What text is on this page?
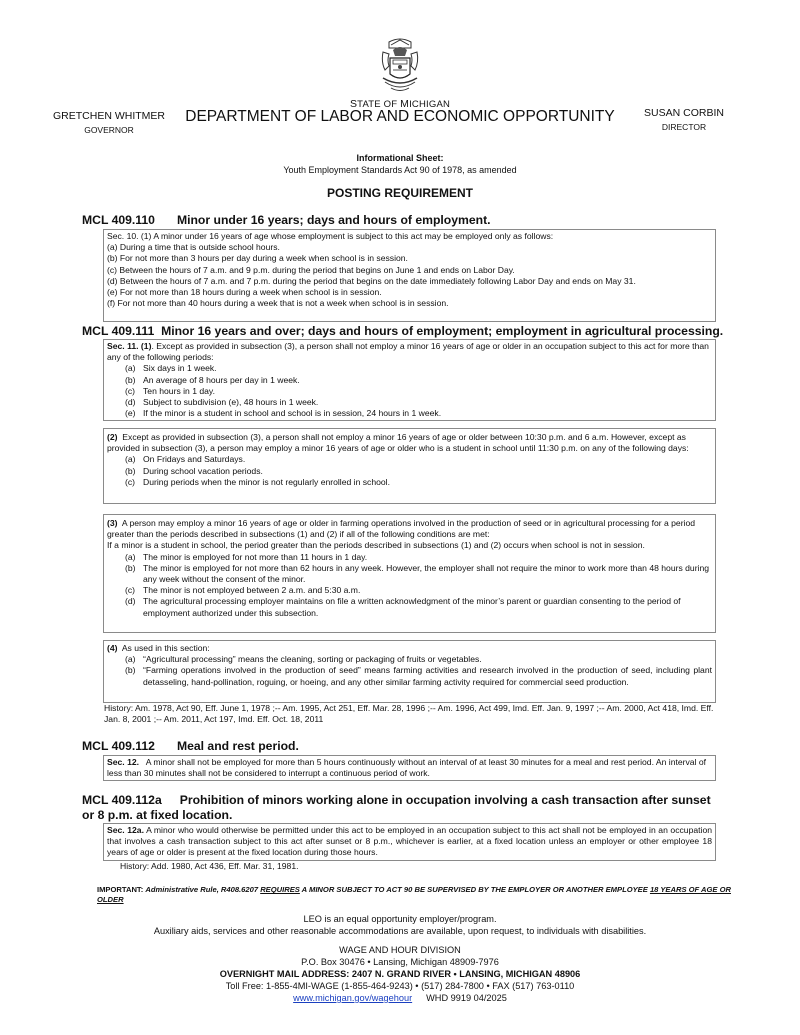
STATE OF MICHIGAN
DEPARTMENT OF LABOR AND ECONOMIC OPPORTUNITY
GRETCHEN WHITMER
GOVERNOR
SUSAN CORBIN
DIRECTOR
Informational Sheet:
Youth Employment Standards Act 90 of 1978, as amended
POSTING REQUIREMENT
MCL 409.110 Minor under 16 years; days and hours of employment.

Sec. 10. (1) A minor under 16 years of age whose employment is subject to this act may be employed only as follows:

(a) During a time that is outside school hours.

(b) For not more than 3 hours per day during a week when school is in session.

(c) Between the hours of 7 a.m. and 9 p.m. during the period that begins on June 1 and ends on Labor Day.

(d) Between the hours of 7 a.m. and 7 p.m. during the period that begins on the date immediately following Labor Day and ends on May 31.

(e) For not more than 18 hours during a week when school is in session.

(f) For not more than 40 hours during a week that is not a week when school is in session.

MCL 409.111 Minor 16 years and over; days and hours of employment; employment in agricultural processing.

Sec. 11. (1). Except as provided in subsection (3), a person shall not employ a minor 16 years of age or older in an occupation subject to this act for more than any of the following periods:

(a) Six days in 1 week.
(b) An average of 8 hours per day in 1 week.
(c) Ten hours in 1 day.
(d) Subject to subdivision (e), 48 hours in 1 week.
(e) If the minor is a student in school and school is in session, 24 hours in 1 week.

(2)  Except as provided in subsection (3), a person shall not employ a minor 16 years of age or older between 10:30 p.m. and 6 a.m. However, except as provided in subsection (3), a person may employ a minor 16 years of age or older who is a student in school until 11:30 p.m. on any of the following days:

(a) On Fridays and Saturdays.
(b) During school vacation periods.
(c) During periods when the minor is not regularly enrolled in school.

(3)  A person may employ a minor 16 years of age or older in farming operations involved in the production of seed or in agricultural processing for a period greater than the periods described in subsections (1) and (2) if all of the following conditions are met:

If a minor is a student in school, the period greater than the periods described in subsections (1) and (2) occurs when school is not in session.

(a) The minor is employed for not more than 11 hours in 1 day.
(b) The minor is employed for not more than 62 hours in any week. However, the employer shall not require the minor to work more than 48 hours during any week without the consent of the minor.
(c) The minor is not employed between 2 a.m. and 5:30 a.m.
(d) The agricultural processing employer maintains on file a written acknowledgment of the minor’s parent or guardian consenting to the period of employment authorized under this subsection.

(4)  As used in this section:

(a) “Agricultural processing” means the cleaning, sorting or packaging of fruits or vegetables.
(b) “Farming operations involved in the production of seed” means farming activities and research involved in the production of seed, including plant detasseling, hand-pollination, roguing, or hoeing, and any other similar farming activity required for commercial seed production.
History: Am. 1978, Act 90, Eff. June 1, 1978 ;-- Am. 1995, Act 251, Eff. Mar. 28, 1996 ;-- Am. 1996, Act 499, Imd. Eff. Jan. 9, 1997 ;-- Am. 2000, Act 418, Imd. Eff. Jan. 8, 2001 ;-- Am. 2011, Act 197, Imd. Eff. Oct. 18, 2011
MCL 409.112 Meal and rest period.

Sec. 12.   A minor shall not be employed for more than 5 hours continuously without an interval of at least 30 minutes for a meal and rest period. An interval of less than 30 minutes shall not be considered to interrupt a continuous period of work.

MCL 409.112a Prohibition of minors working alone in occupation involving a cash transaction after sunset or 8 p.m. at fixed location.

Sec. 12a. A minor who would otherwise be permitted under this act to be employed in an occupation subject to this act shall not be employed in an occupation that involves a cash transaction subject to this act after sunset or 8 p.m., whichever is earlier, at a fixed location unless an employer or other employee 18 years of age or older is present at the fixed location during those hours.

History: Add. 1980, Act 436, Eff. Mar. 31, 1981.
IMPORTANT: Administrative Rule, R408.6207 REQUIRES A MINOR SUBJECT TO ACT 90 BE SUPERVISED BY THE EMPLOYER OR ANOTHER EMPLOYEE 18 YEARS OF AGE OR OLDER
LEO is an equal opportunity employer/program.
Auxiliary aids, services and other reasonable accommodations are available, upon request, to individuals with disabilities.
WAGE AND HOUR DIVISION
P.O. Box 30476 • Lansing, Michigan 48909-7976
OVERNIGHT MAIL ADDRESS: 2407 N. GRAND RIVER • LANSING, MICHIGAN 48906
Toll Free: 1-855-4MI-WAGE (1-855-464-9243) • (517) 284-7800 • FAX (517) 763-0110
www.michigan.gov/wagehour WHD 9919 04/2025
